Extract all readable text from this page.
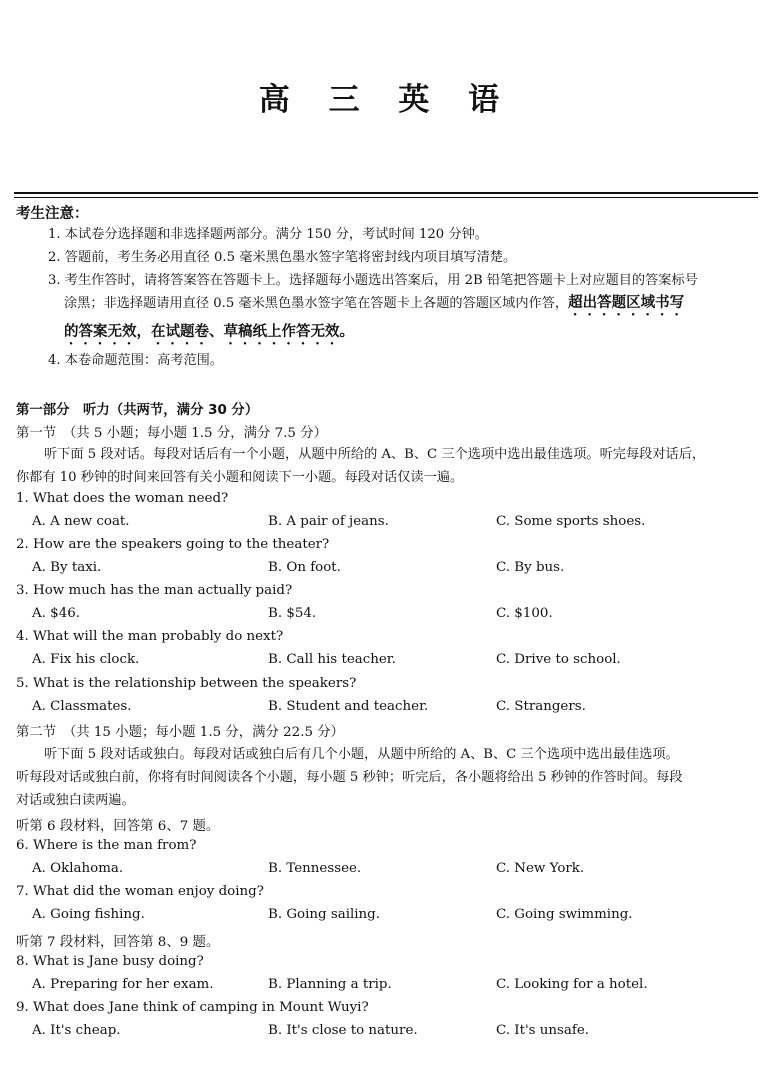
高 三 英 语
考生注意：
1. 本试卷分选择题和非选择题两部分。满分 150 分，考试时间 120 分钟。
2. 答题前，考生务必用直径 0.5 毫米黑色墨水签字笔将密封线内项目填写清楚。
3. 考生作答时，请将答案答在答题卡上。选择题每小题选出答案后，用 2B 铅笔把答题卡上对应题目的答案标号
涂黑；非选择题请用直径 0.5 毫米黑色墨水签字笔在答题卡上各题的答题区域内作答，超出答题区域书写
的答案无效，在试题卷、草稿纸上作答无效。
4. 本卷命题范围：高考范围。
第一部分　听力（共两节，满分 30 分）
第一节　（共 5 小题；每小题 1.5 分，满分 7.5 分）
听下面 5 段对话。每段对话后有一个小题，从题中所给的 A、B、C 三个选项中选出最佳选项。听完每段对话后，
你都有 10 秒钟的时间来回答有关小题和阅读下一小题。每段对话仅读一遍。
1. What does the woman need?
A. A new coat.	B. A pair of jeans.	C. Some sports shoes.
2. How are the speakers going to the theater?
A. By taxi.	B. On foot.	C. By bus.
3. How much has the man actually paid?
A. $46.	B. $54.	C. $100.
4. What will the man probably do next?
A. Fix his clock.	B. Call his teacher.	C. Drive to school.
5. What is the relationship between the speakers?
A. Classmates.	B. Student and teacher.	C. Strangers.
第二节　（共 15 小题；每小题 1.5 分，满分 22.5 分）
听下面 5 段对话或独白。每段对话或独白后有几个小题，从题中所给的 A、B、C 三个选项中选出最佳选项。
听每段对话或独白前，你将有时间阅读各个小题，每小题 5 秒钟；听完后，各小题将给出 5 秒钟的作答时间。每段
对话或独白读两遍。
听第 6 段材料，回答第 6、7 题。
6. Where is the man from?
A. Oklahoma.	B. Tennessee.	C. New York.
7. What did the woman enjoy doing?
A. Going fishing.	B. Going sailing.	C. Going swimming.
听第 7 段材料，回答第 8、9 题。
8. What is Jane busy doing?
A. Preparing for her exam.	B. Planning a trip.	C. Looking for a hotel.
9. What does Jane think of camping in Mount Wuyi?
A. It's cheap.	B. It's close to nature.	C. It's unsafe.
